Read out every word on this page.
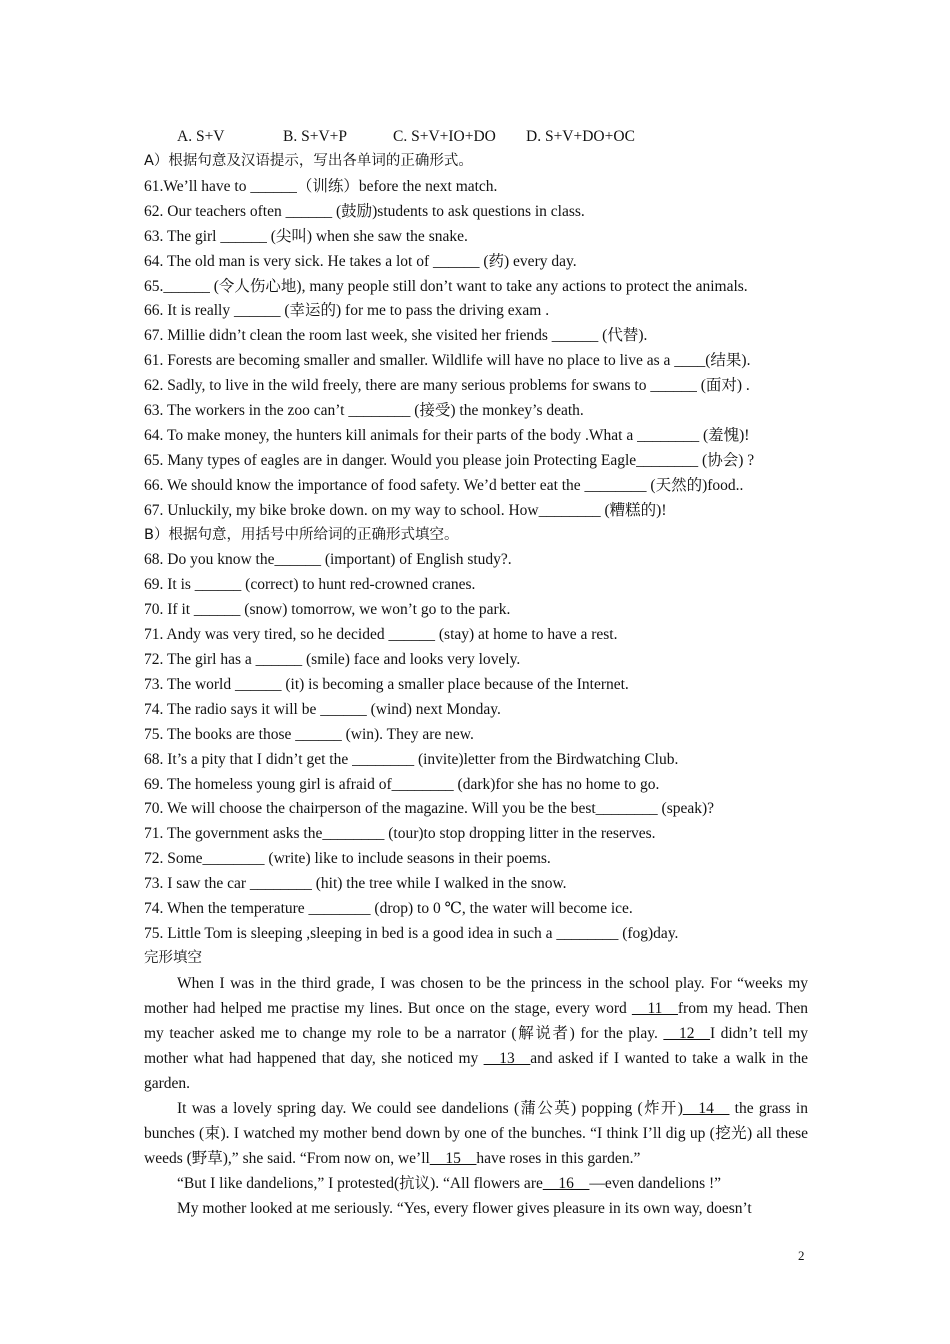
A. S+V	B. S+V+P	C. S+V+IO+DO D. S+V+DO+OC
A）根据句意及汉语提示，写出各单词的正确形式。
61.We’ll have to ______（训练）before the next match.
62. Our teachers often ______ (鼓励)students to ask questions in class.
63. The girl ______ (尖叫) when she saw the snake.
64. The old man is very sick. He takes a lot of ______ (药) every day.
65.______ (令人伤心地), many people still don’t want to take any actions to protect the animals.
66. It is really ______ (幸运的) for me to pass the driving exam .
67. Millie didn’t clean the room last week, she visited her friends ______ (代替).
61. Forests are becoming smaller and smaller. Wildlife will have no place to live as a ____(结果).
62. Sadly, to live in the wild freely, there are many serious problems for swans to ______ (面对) .
63. The workers in the zoo can’t ________ (接受) the monkey’s death.
64. To make money, the hunters kill animals for their parts of the body .What a ________ (羞愧)!
65. Many types of eagles are in danger. Would you please join Protecting Eagle________ (协会) ?
66. We should know the importance of food safety. We’d better eat the ________ (天然的)food..
67. Unluckily, my bike broke down. on my way to school. How________ (糟糕的)!
B）根据句意，用括号中所给词的正确形式填空。
68. Do you know the______ (important) of English study?.
69. It is ______ (correct) to hunt red-crowned cranes.
70. If it ______ (snow) tomorrow, we won’t go to the park.
71. Andy was very tired, so he decided ______ (stay) at home to have a rest.
72. The girl has a ______ (smile) face and looks very lovely.
73. The world ______ (it) is becoming a smaller place because of the Internet.
74. The radio says it will be ______ (wind) next Monday.
75. The books are those ______ (win). They are new.
68. It’s a pity that I didn’t get the ________ (invite)letter from the Birdwatching Club.
69. The homeless young girl is afraid of________ (dark)for she has no home to go.
70. We will choose the chairperson of the magazine. Will you be the best________ (speak)?
71. The government asks the________ (tour)to stop dropping litter in the reserves.
72. Some________ (write) like to include seasons in their poems.
73. I saw the car ________ (hit) the tree while I walked in the snow.
74. When the temperature ________ (drop) to 0 ℃, the water will become ice.
75. Little Tom is sleeping ,sleeping in bed is a good idea in such a ________ (fog)day.
完形填空

When I was in the third grade, I was chosen to be the princess in the school play. For “weeks my mother had helped me practise my lines. But once on the stage, every word __11__from my head. Then my teacher asked me to change my role to be a narrator (解说者) for the play. __12__I didn’t tell my mother what had happened that day, she noticed my __13__and asked if I wanted to take a walk in the garden.

It was a lovely spring day. We could see dandelions (蒲公英) popping (炸开)__14__ the grass in bunches (束). I watched my mother bend down by one of the bunches. “I think I’ll dig up (挖光) all these weeds (野草),” she said. “From now on, we’ll__15__have roses in this garden.”

“But I like dandelions,” I protested(抗议). “All flowers are__16__—even dandelions !”

My mother looked at me seriously. “Yes, every flower gives pleasure in its own way, doesn’t

2
